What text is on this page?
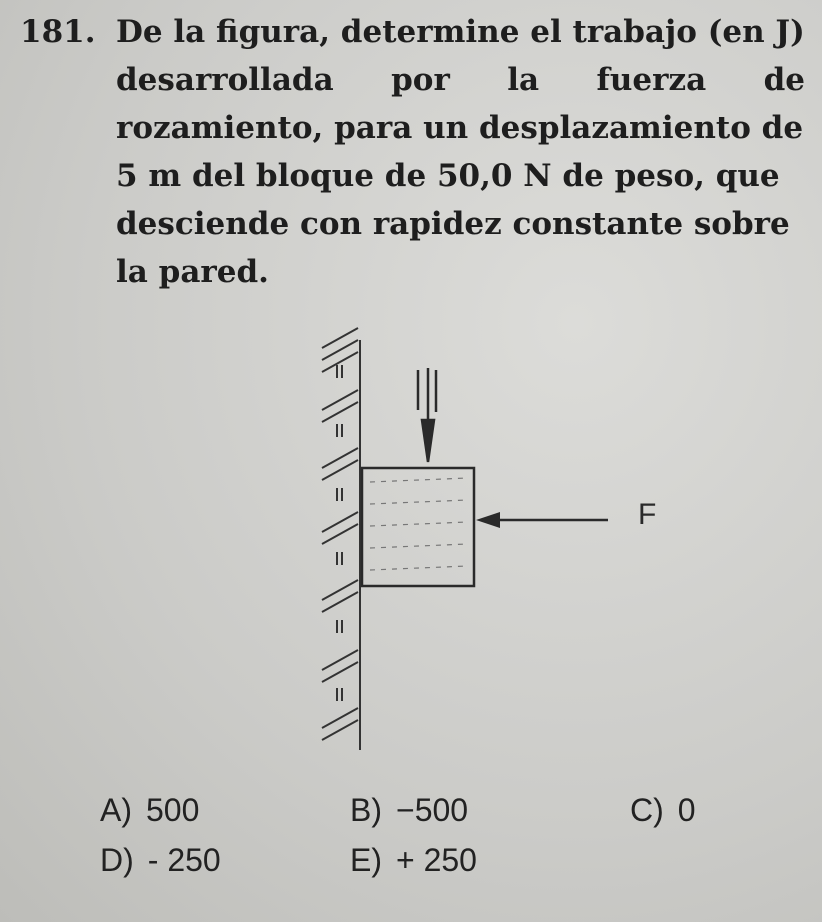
181. De la figura, determine el trabajo (en J)
desarrollada por la fuerza de
rozamiento, para un desplazamiento de
5 m del bloque de 50,0 N de peso, que
desciende con rapidez constante sobre
la pared.
F
A) 500	B) −500	C) 0
D) - 250	E) + 250
